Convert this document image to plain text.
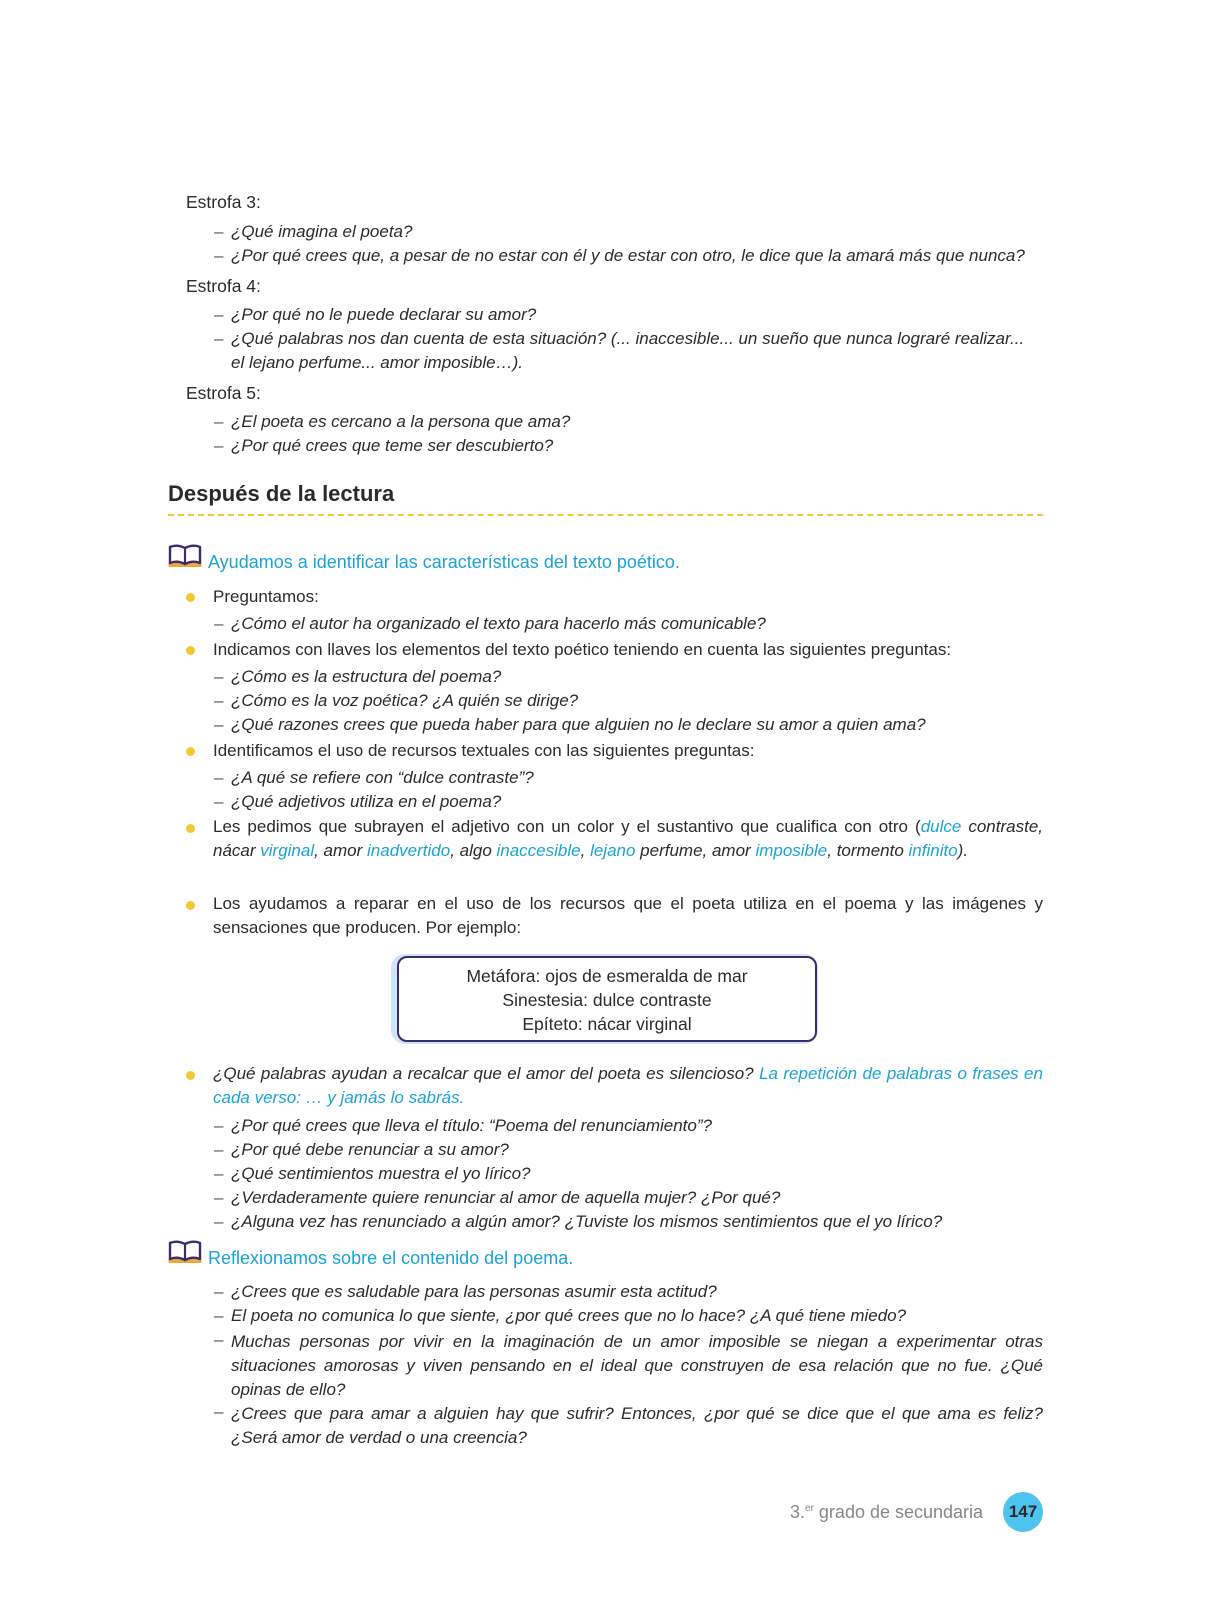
Estrofa 3:
¿Qué imagina el poeta?
¿Por qué crees que, a pesar de no estar con él y de estar con otro, le dice que la amará más que nunca?
Estrofa 4:
¿Por qué no le puede declarar su amor?
¿Qué palabras nos dan cuenta de esta situación? (... inaccesible... un sueño que nunca lograré realizar...
el lejano perfume... amor imposible…).
Estrofa 5:
¿El poeta es cercano a la persona que ama?
¿Por qué crees que teme ser descubierto?
Después de la lectura
Ayudamos a identificar las características del texto poético.
Preguntamos:
¿Cómo el autor ha organizado el texto para hacerlo más comunicable?
Indicamos con llaves los elementos del texto poético teniendo en cuenta las siguientes preguntas:
¿Cómo es la estructura del poema?
¿Cómo es la voz poética? ¿A quién se dirige?
¿Qué razones crees que pueda haber para que alguien no le declare su amor a quien ama?
Identificamos el uso de recursos textuales con las siguientes preguntas:
¿A qué se refiere con “dulce contraste”?
¿Qué adjetivos utiliza en el poema?
Les pedimos que subrayen el adjetivo con un color y el sustantivo que cualifica con otro (dulce contraste, nácar virginal, amor inadvertido, algo inaccesible, lejano perfume, amor imposible, tormento infinito).
Los ayudamos a reparar en el uso de los recursos que el poeta utiliza en el poema y las imágenes y sensaciones que producen. Por ejemplo:
Metáfora: ojos de esmeralda de mar
Sinestesia: dulce contraste
Epíteto: nácar virginal
¿Qué palabras ayudan a recalcar que el amor del poeta es silencioso? La repetición de palabras o frases en cada verso: … y jamás lo sabrás.
¿Por qué crees que lleva el título: “Poema del renunciamiento”?
¿Por qué debe renunciar a su amor?
¿Qué sentimientos muestra el yo lírico?
¿Verdaderamente quiere renunciar al amor de aquella mujer? ¿Por qué?
¿Alguna vez has renunciado a algún amor? ¿Tuviste los mismos sentimientos que el yo lírico?
Reflexionamos sobre el contenido del poema.
¿Crees que es saludable para las personas asumir esta actitud?
El poeta no comunica lo que siente, ¿por qué crees que no lo hace? ¿A qué tiene miedo?
– Muchas personas por vivir en la imaginación de un amor imposible se niegan a experimentar otras situaciones amorosas y viven pensando en el ideal que construyen de esa relación que no fue. ¿Qué opinas de ello?
– ¿Crees que para amar a alguien hay que sufrir? Entonces, ¿por qué se dice que el que ama es feliz? ¿Será amor de verdad o una creencia?
3.$^{er}$ grado de secundaria	147
